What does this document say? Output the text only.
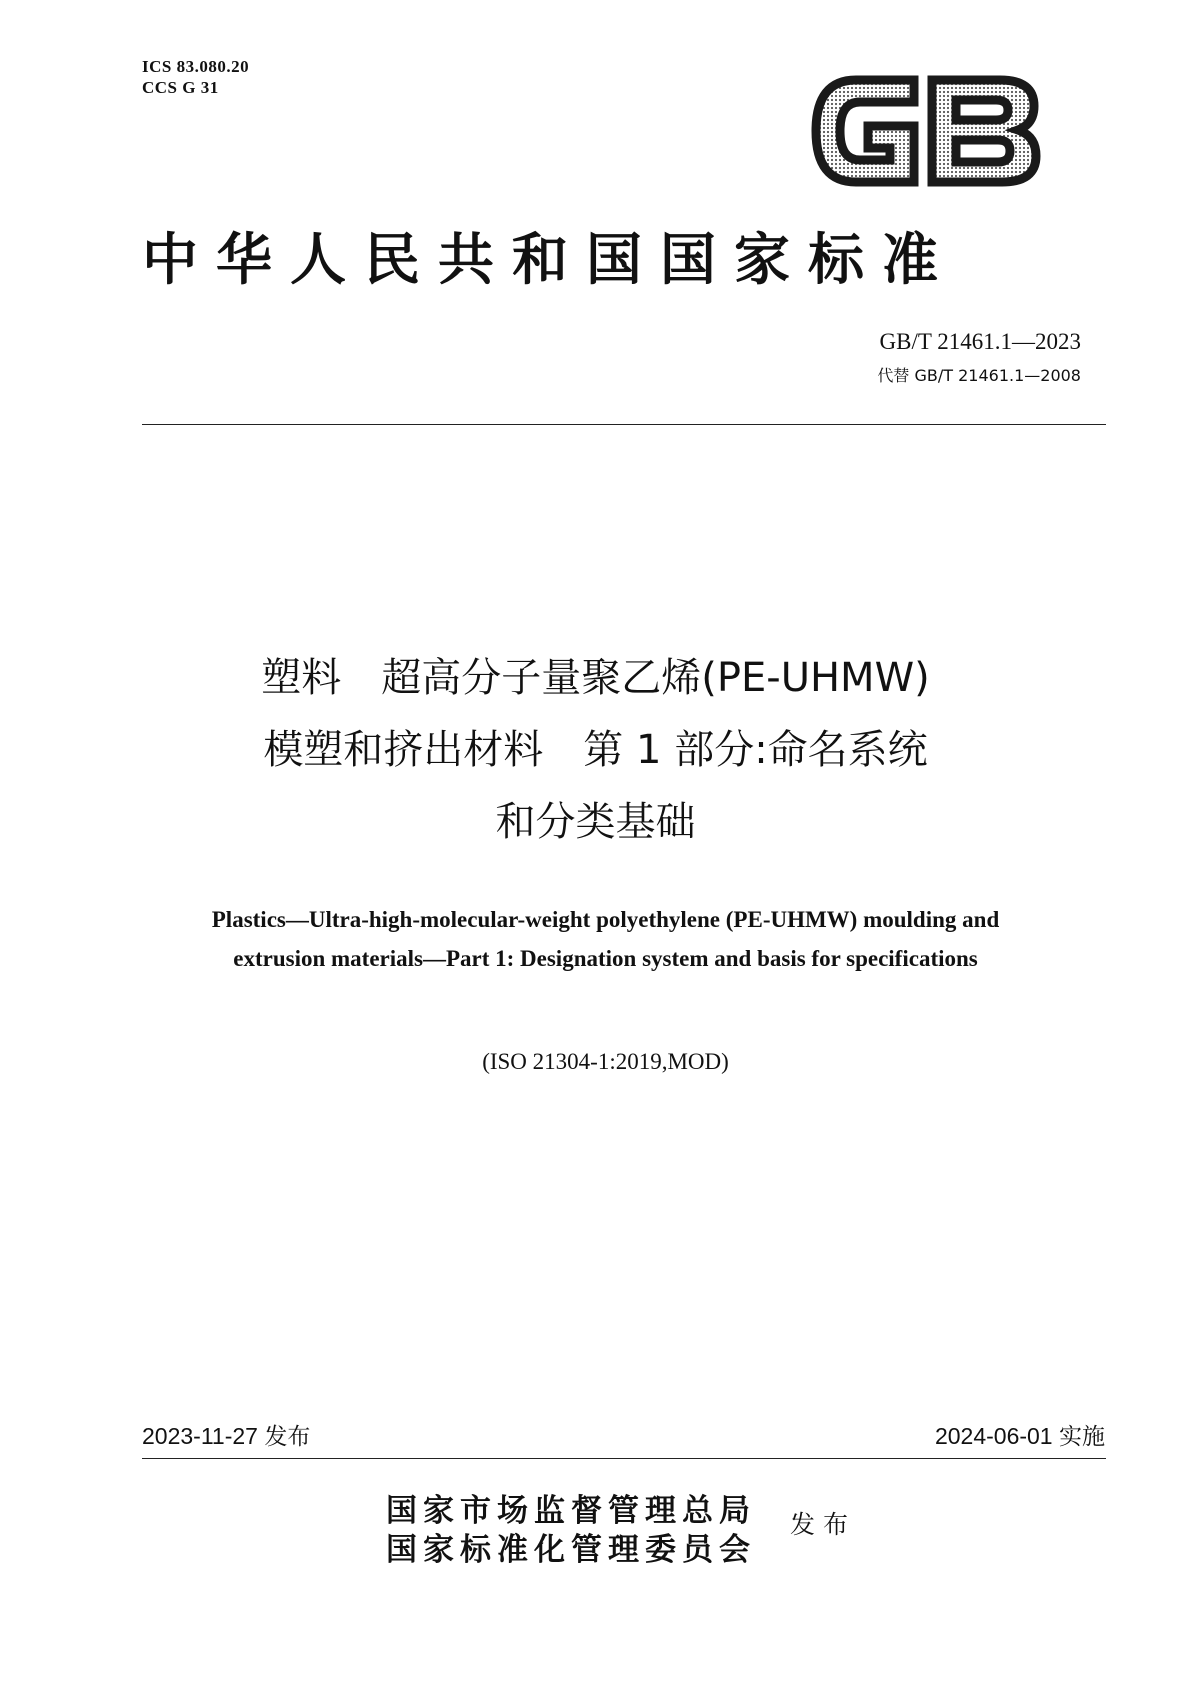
ICS 83.080.20
CCS G 31
中华人民共和国国家标准
GB/T 21461.1—2023
代替 GB/T 21461.1—2008
塑料　超高分子量聚乙烯(PE-UHMW)
模塑和挤出材料　第 1 部分:命名系统
和分类基础
Plastics—Ultra-high-molecular-weight polyethylene (PE-UHMW) moulding and
extrusion materials—Part 1: Designation system and basis for specifications
(ISO 21304-1:2019,MOD)
2023-11-27 发布	2024-06-01 实施
国家市场监督管理总局
国家标准化管理委员会
发布
